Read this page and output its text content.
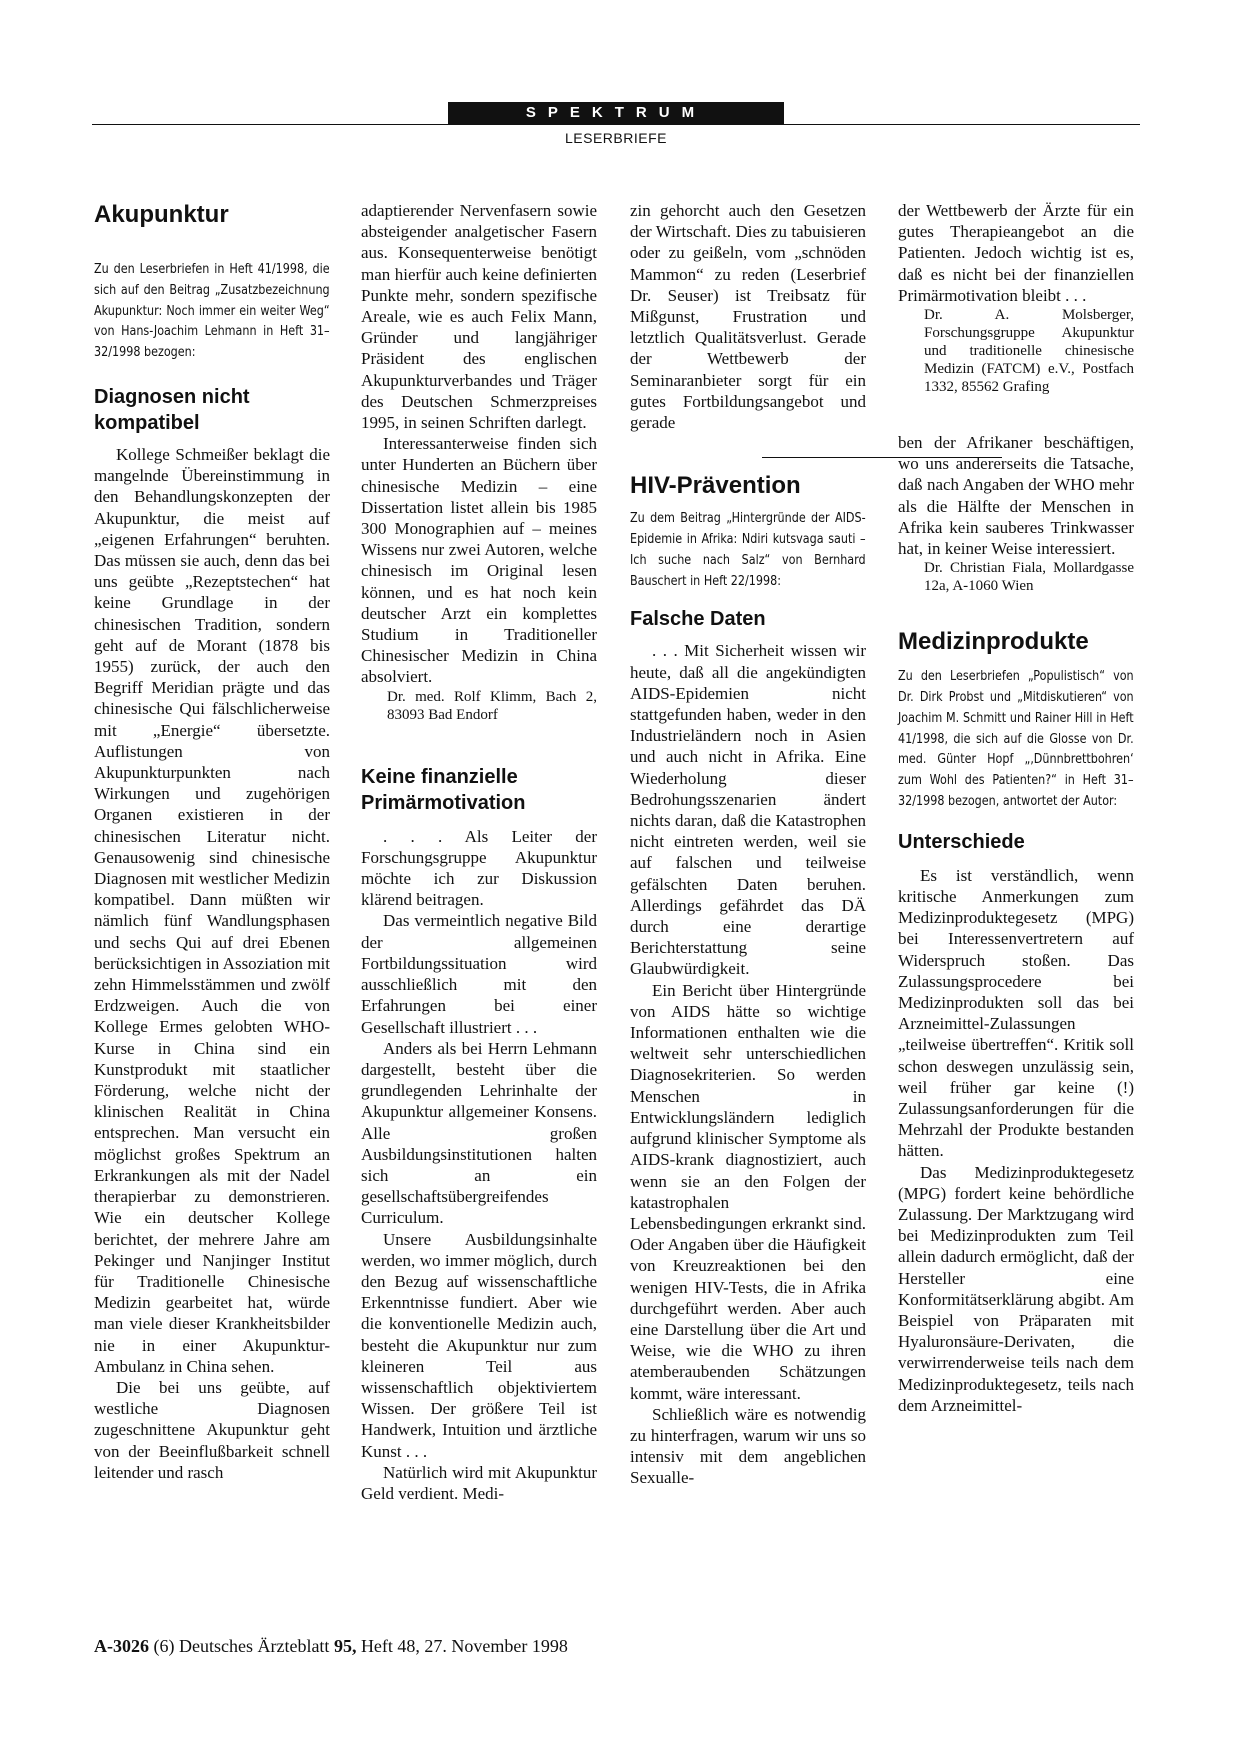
SPEKTRUM
LESERBRIEFE
Akupunktur

Zu den Leserbriefen in Heft 41/1998, die sich auf den Beitrag „Zusatzbezeichnung Akupunktur: Noch immer ein weiter Weg“ von Hans-Joachim Lehmann in Heft 31–32/1998 bezogen:

Diagnosen nicht kompatibel

Kollege Schmeißer beklagt die mangelnde Übereinstimmung in den Behandlungskonzepten der Akupunktur, die meist auf „eigenen Erfahrungen“ beruhten. Das müssen sie auch, denn das bei uns geübte „Rezeptstechen“ hat keine Grundlage in der chinesischen Tradition, sondern geht auf de Morant (1878 bis 1955) zurück, der auch den Begriff Meridian prägte und das chinesische Qui fälschlicherweise mit „Energie“ übersetzte. Auflistungen von Akupunkturpunkten nach Wirkungen und zugehörigen Organen existieren in der chinesischen Literatur nicht. Genausowenig sind chinesische Diagnosen mit westlicher Medizin kompatibel. Dann müßten wir nämlich fünf Wandlungsphasen und sechs Qui auf drei Ebenen berücksichtigen in Assoziation mit zehn Himmelsstämmen und zwölf Erdzweigen. Auch die von Kollege Ermes gelobten WHO-Kurse in China sind ein Kunstprodukt mit staatlicher Förderung, welche nicht der klinischen Realität in China entsprechen. Man versucht ein möglichst großes Spektrum an Erkrankungen als mit der Nadel therapierbar zu demonstrieren. Wie ein deutscher Kollege berichtet, der mehrere Jahre am Pekinger und Nanjinger Institut für Traditionelle Chinesische Medizin gearbeitet hat, würde man viele dieser Krankheitsbilder nie in einer Akupunktur-Ambulanz in China sehen.

Die bei uns geübte, auf westliche Diagnosen zugeschnittene Akupunktur geht von der Beeinflußbarkeit schnell leitender und rasch

adaptierender Nervenfasern sowie absteigender analgetischer Fasern aus. Konsequenterweise benötigt man hierfür auch keine definierten Punkte mehr, sondern spezifische Areale, wie es auch Felix Mann, Gründer und langjähriger Präsident des englischen Akupunkturverbandes und Träger des Deutschen Schmerzpreises 1995, in seinen Schriften darlegt.

Interessanterweise finden sich unter Hunderten an Büchern über chinesische Medizin – eine Dissertation listet allein bis 1985 300 Monographien auf – meines Wissens nur zwei Autoren, welche chinesisch im Original lesen können, und es hat noch kein deutscher Arzt ein komplettes Studium in Traditioneller Chinesischer Medizin in China absolviert.

Dr. med. Rolf Klimm, Bach 2, 83093 Bad Endorf

Keine finanzielle Primärmotivation

. . . Als Leiter der Forschungsgruppe Akupunktur möchte ich zur Diskussion klärend beitragen.

Das vermeintlich negative Bild der allgemeinen Fortbildungssituation wird ausschließlich mit den Erfahrungen bei einer Gesellschaft illustriert . . .

Anders als bei Herrn Lehmann dargestellt, besteht über die grundlegenden Lehrinhalte der Akupunktur allgemeiner Konsens. Alle großen Ausbildungsinstitutionen halten sich an ein gesellschaftsübergreifendes Curriculum.

Unsere Ausbildungsinhalte werden, wo immer möglich, durch den Bezug auf wissenschaftliche Erkenntnisse fundiert. Aber wie die konventionelle Medizin auch, besteht die Akupunktur nur zum kleineren Teil aus wissenschaftlich objektiviertem Wissen. Der größere Teil ist Handwerk, Intuition und ärztliche Kunst . . .

Natürlich wird mit Akupunktur Geld verdient. Medi-

zin gehorcht auch den Gesetzen der Wirtschaft. Dies zu tabuisieren oder zu geißeln, vom „schnöden Mammon“ zu reden (Leserbrief Dr. Seuser) ist Treibsatz für Mißgunst, Frustration und letztlich Qualitätsverlust. Gerade der Wettbewerb der Seminaranbieter sorgt für ein gutes Fortbildungsangebot und gerade

HIV-Prävention

Zu dem Beitrag „Hintergründe der AIDS-Epidemie in Afrika: Ndiri kutsvaga sauti – Ich suche nach Salz“ von Bernhard Bauschert in Heft 22/1998:

Falsche Daten

. . . Mit Sicherheit wissen wir heute, daß all die angekündigten AIDS-Epidemien nicht stattgefunden haben, weder in den Industrieländern noch in Asien und auch nicht in Afrika. Eine Wiederholung dieser Bedrohungsszenarien ändert nichts daran, daß die Katastrophen nicht eintreten werden, weil sie auf falschen und teilweise gefälschten Daten beruhen. Allerdings gefährdet das DÄ durch eine derartige Berichterstattung seine Glaubwürdigkeit.

Ein Bericht über Hintergründe von AIDS hätte so wichtige Informationen enthalten wie die weltweit sehr unterschiedlichen Diagnosekriterien. So werden Menschen in Entwicklungsländern lediglich aufgrund klinischer Symptome als AIDS-krank diagnostiziert, auch wenn sie an den Folgen der katastrophalen Lebensbedingungen erkrankt sind. Oder Angaben über die Häufigkeit von Kreuzreaktionen bei den wenigen HIV-Tests, die in Afrika durchgeführt werden. Aber auch eine Darstellung über die Art und Weise, wie die WHO zu ihren atemberaubenden Schätzungen kommt, wäre interessant.

Schließlich wäre es notwendig zu hinterfragen, warum wir uns so intensiv mit dem angeblichen Sexualle-

der Wettbewerb der Ärzte für ein gutes Therapieangebot an die Patienten. Jedoch wichtig ist es, daß es nicht bei der finanziellen Primärmotivation bleibt . . .

Dr. A. Molsberger, Forschungsgruppe Akupunktur und traditionelle chinesische Medizin (FATCM) e.V., Postfach 1332, 85562 Grafing

ben der Afrikaner beschäftigen, wo uns andererseits die Tatsache, daß nach Angaben der WHO mehr als die Hälfte der Menschen in Afrika kein sauberes Trinkwasser hat, in keiner Weise interessiert.

Dr. Christian Fiala, Mollardgasse 12a, A-1060 Wien

Medizinprodukte

Zu den Leserbriefen „Populistisch“ von Dr. Dirk Probst und „Mitdiskutieren“ von Joachim M. Schmitt und Rainer Hill in Heft 41/1998, die sich auf die Glosse von Dr. med. Günter Hopf „‚Dünnbrettbohren‘ zum Wohl des Patienten?“ in Heft 31–32/1998 bezogen, antwortet der Autor:

Unterschiede

Es ist verständlich, wenn kritische Anmerkungen zum Medizinproduktegesetz (MPG) bei Interessenvertretern auf Widerspruch stoßen. Das Zulassungsprocedere bei Medizinprodukten soll das bei Arzneimittel-Zulassungen „teilweise übertreffen“. Kritik soll schon deswegen unzulässig sein, weil früher gar keine (!) Zulassungsanforderungen für die Mehrzahl der Produkte bestanden hätten.

Das Medizinproduktegesetz (MPG) fordert keine behördliche Zulassung. Der Marktzugang wird bei Medizinprodukten zum Teil allein dadurch ermöglicht, daß der Hersteller eine Konformitätserklärung abgibt. Am Beispiel von Präparaten mit Hyaluronsäure-Derivaten, die verwirrenderweise teils nach dem Medizinproduktegesetz, teils nach dem Arzneimittel-

A-3026 (6) Deutsches Ärzteblatt 95, Heft 48, 27. November 1998
